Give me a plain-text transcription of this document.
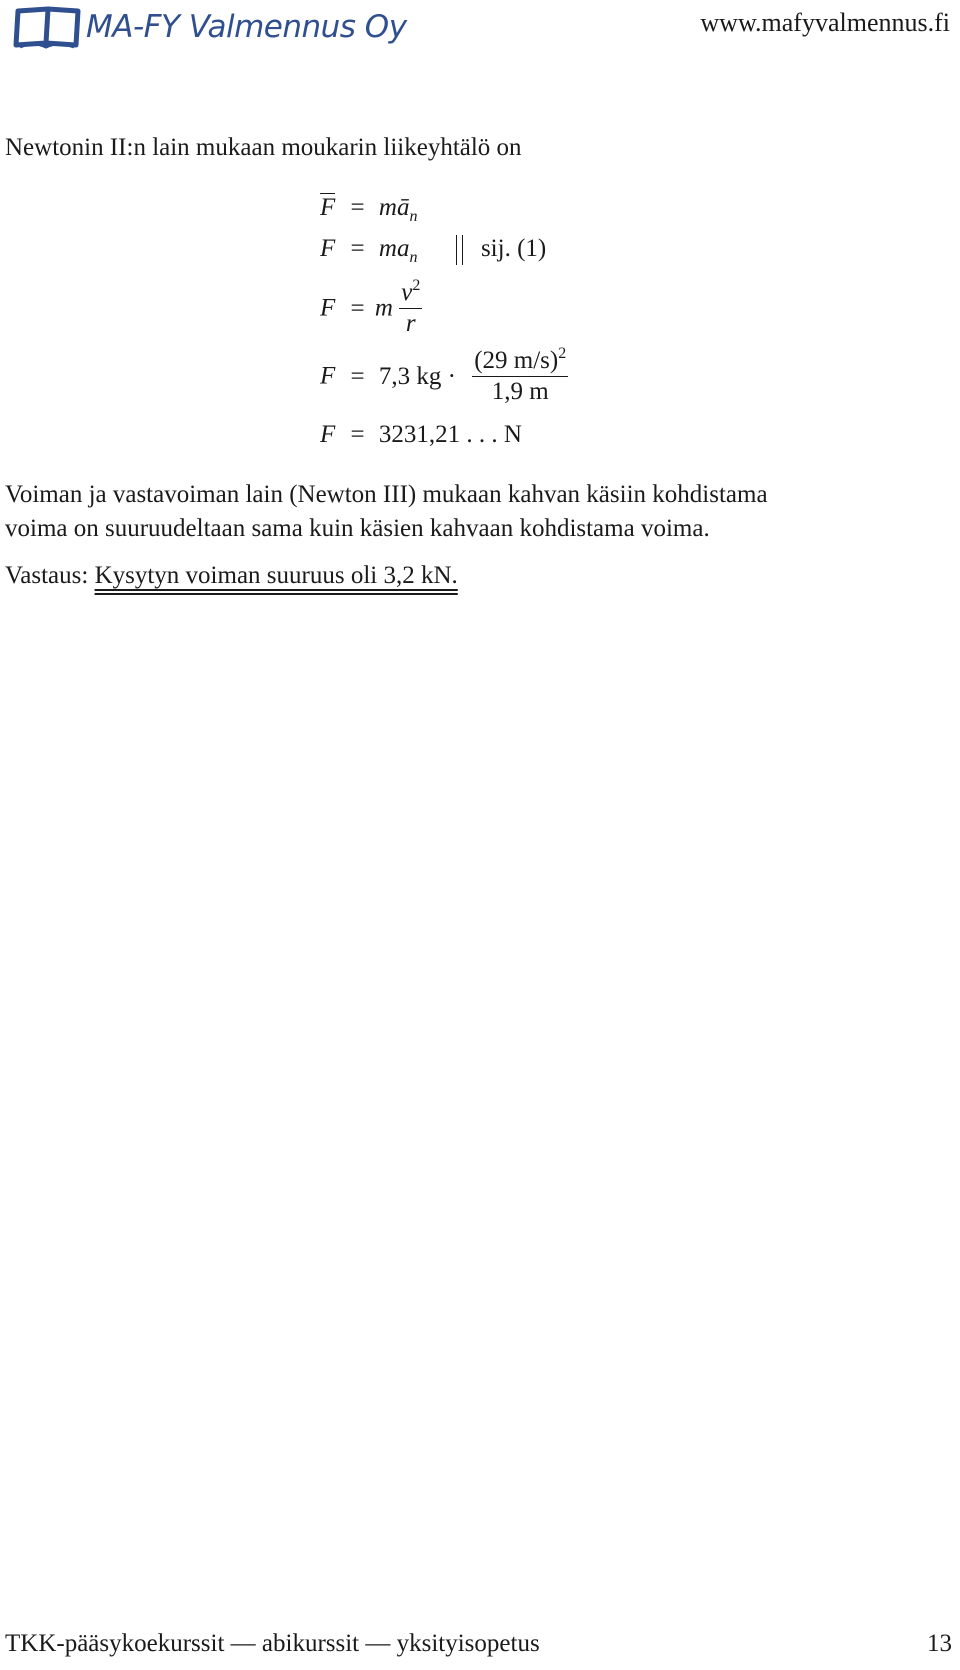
MA-FY Valmennus Oy	www.mafyvalmennus.fi
Newtonin II:n lain mukaan moukarin liikeyhtälö on
$F = mā_n$
$F = ma_n$	sij. (1)
F = m $\frac{v^2}{r}$
F = 7,3 kg · $\frac{(29 m/s)^2}{1,9 m}$
F = 3231,21 . . . N
Voiman ja vastavoiman lain (Newton III) mukaan kahvan käsiin kohdistama
voima on suuruudeltaan sama kuin käsien kahvaan kohdistama voima.
Vastaus: Kysytyn voiman suuruus oli 3,2 kN.
TKK-pääsykoekurssit — abikurssit — yksityisopetus	13
